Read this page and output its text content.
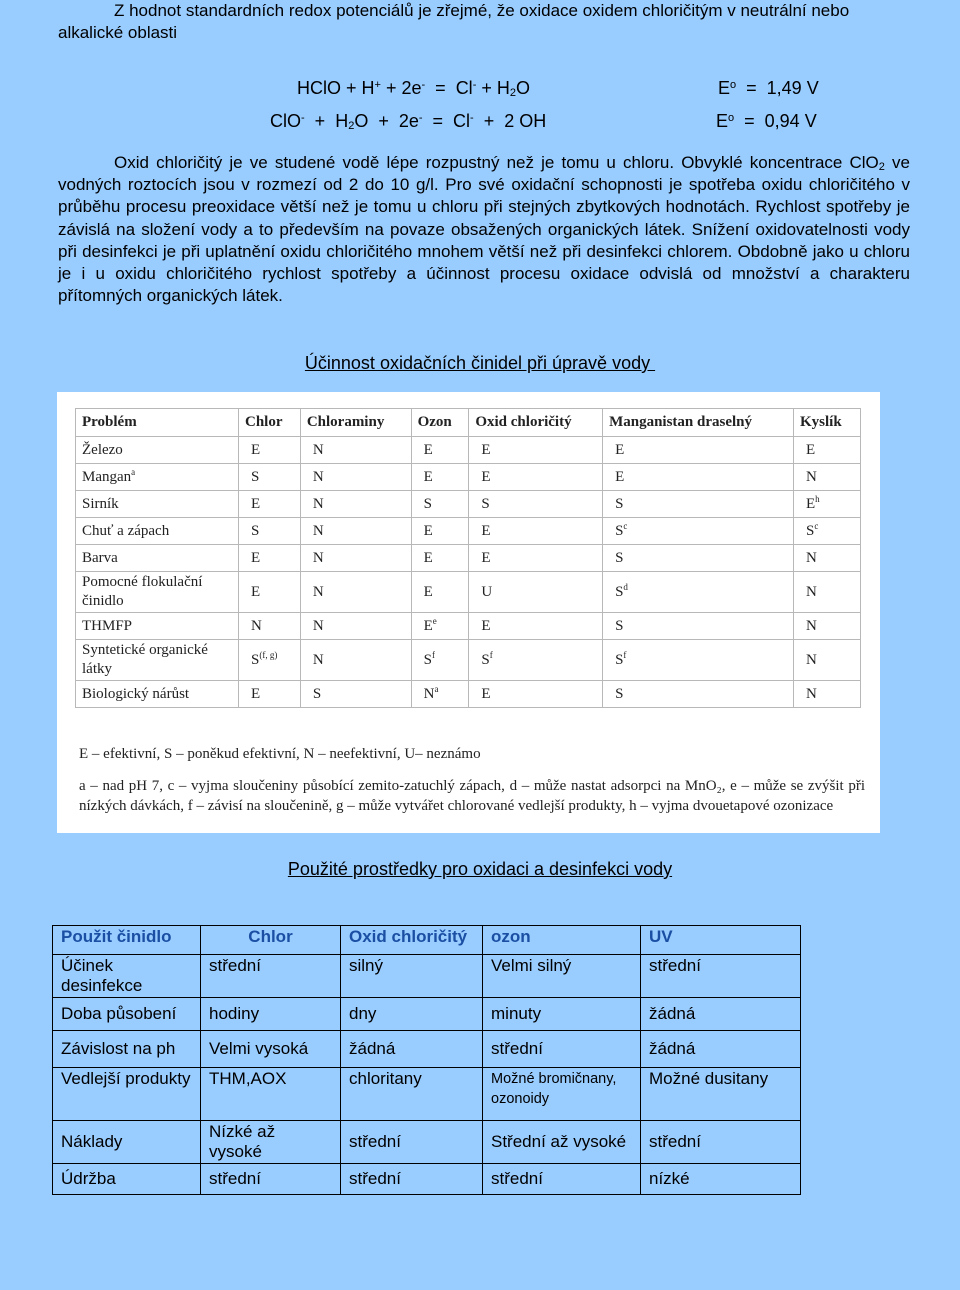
Z hodnot standardních redox potenciálů je zřejmé, že oxidace oxidem chloričitým v neutrální nebo alkalické oblasti

HClO + $H^+ + 2e^- = Cl^- + H_2O$	$E^o = 1,49$ V
$ClO^- + H_2O + 2e^- = Cl^- + 2$ OH	$E^o = 0,94$ V

Oxid chloričitý je ve studené vodě lépe rozpustný než je tomu u chloru. Obvyklé koncentrace ClO$_2$ ve vodných roztocích jsou v rozmezí od 2 do 10 g/l. Pro své oxidační schopnosti je spotřeba oxidu chloričitého v průběhu procesu preoxidace větší než je tomu u chloru při stejných zbytkových hodnotách. Rychlost spotřeby je závislá na složení vody a to především na povaze obsažených organických látek. Snížení oxidovatelnosti vody při desinfekci je při uplatnění oxidu chloričitého mnohem větší než při desinfekci chlorem. Obdobně jako u chloru je i u oxidu chloričitého rychlost spotřeby a účinnost procesu oxidace odvislá od množství a charakteru přítomných organických látek.

Účinnost oxidačních činidel při úpravě vody
Problém	Chlor	Chloraminy	Ozon	Oxid chloričitý	Manganistan draselný	Kyslík
Železo	E	N	E	E	E	E
Mangan$^a$	S	N	E	E	E	N
Sirník	E	N	S	S	S	$E^h$
Chuť a zápach	S	N	E	E	$S^c$	$S^c$
Barva	E	N	E	E	S	N
Pomocné flokulační činidlo	E	N	E	U	$S^d$	N
THMFP	N	N	$E^e$	E	S	N
Syntetické organické látky	S$^{(f, g)}$	N	$S^f$	$S^f$	$S^f$	N
Biologický nárůst	E	S	$N^a$	E	S	N
E – efektivní, S – poněkud efektivní, N – neefektivní, U– neznámo
a – nad pH 7, c – vyjma sloučeniny působící zemito-zatuchlý zápach, d – může nastat adsorpci na MnO₂, e – může se zvýšit při nízkých dávkách, f – závisí na sloučenině, g – může vytvářet chlorované vedlejší produkty, h – vyjma dvouetapové ozonizace
Použité prostředky pro oxidaci a desinfekci vody
Použit činidlo	Chlor	Oxid chloričitý	ozon	UV
Účinek desinfekce	střední	silný	Velmi silný	střední
Doba působení	hodiny	dny	minuty	žádná
Závislost na ph	Velmi vysoká	žádná	střední	žádná
Vedlejší produkty	THM,AOX	chloritany	Možné bromičnany, ozonoidy	Možné dusitany
Náklady	Nízké až vysoké	střední	Střední až vysoké	střední
Údržba	střední	střední	střední	nízké
